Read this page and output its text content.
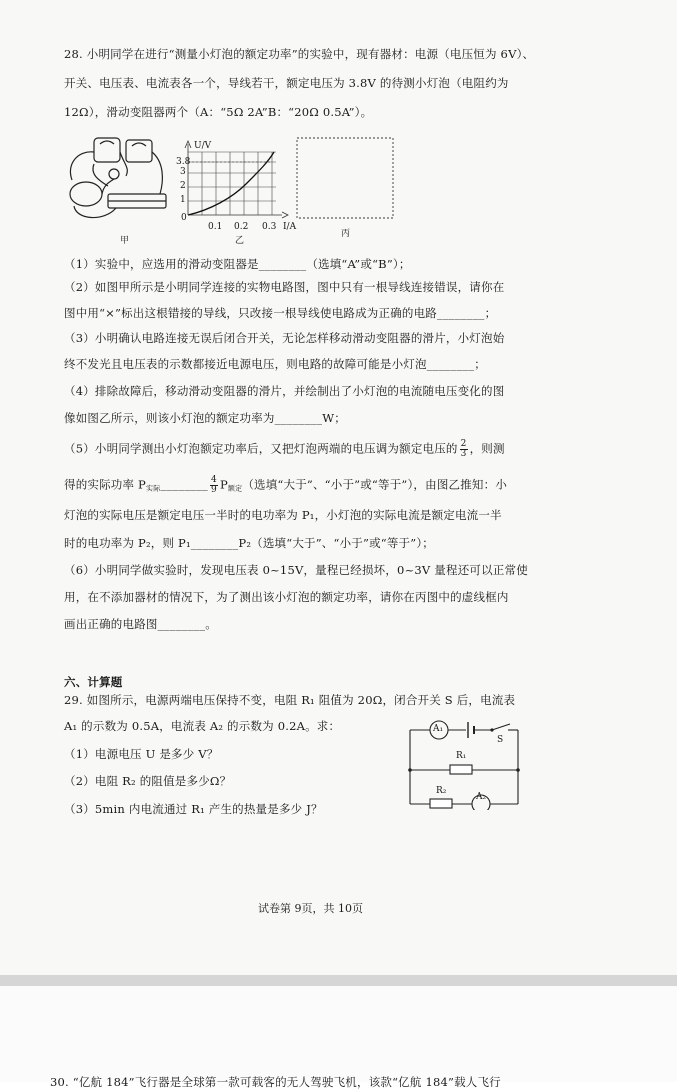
28. 小明同学在进行“测量小灯泡的额定功率”的实验中，现有器材：电源（电压恒为 6V）、
开关、电压表、电流表各一个，导线若干，额定电压为 3.8V 的待测小灯泡（电阻约为
12Ω），滑动变阻器两个（A：“5Ω 2A”B：“20Ω 0.5A”）。
甲
U/V
3.8
3
2
1
0
0.1 0.2 0.3 I/A
乙
丙
（1）实验中，应选用的滑动变阻器是________（选填“A”或“B”）；
（2）如图甲所示是小明同学连接的实物电路图，图中只有一根导线连接错误，请你在
图中用“×”标出这根错接的导线，只改接一根导线使电路成为正确的电路________；
（3）小明确认电路连接无误后闭合开关，无论怎样移动滑动变阻器的滑片，小灯泡始
终不发光且电压表的示数都接近电源电压，则电路的故障可能是小灯泡________；
（4）排除故障后，移动滑动变阻器的滑片，并绘制出了小灯泡的电流随电压变化的图
像如图乙所示，则该小灯泡的额定功率为________W；
（5）小明同学测出小灯泡额定功率后，又把灯泡两端的电压调为额定电压的 $\frac{2}{3}$ ，则测
得的实际功率 $P_{实际}\_\_\_\_\_\_\_\_ \frac{4}{9} P_{额定}$（选填“大于”、“小于”或“等于”），由图乙推知：小
灯泡的实际电压是额定电压一半时的电功率为 P₁，小灯泡的实际电流是额定电流一半
时的电功率为 P₂，则 P₁________P₂（选填“大于”、“小于”或“等于”）；
（6）小明同学做实验时，发现电压表 0~15V，量程已经损坏，0~3V 量程还可以正常使
用，在不添加器材的情况下，为了测出该小灯泡的额定功率，请你在丙图中的虚线框内
画出正确的电路图________。
六、计算题
29. 如图所示，电源两端电压保持不变，电阻 R₁ 阻值为 20Ω，闭合开关 S 后，电流表
A₁ 的示数为 0.5A，电流表 A₂ 的示数为 0.2A。求：
（1）电源电压 U 是多少 V？
（2）电阻 R₂ 的阻值是多少Ω？
（3）5min 内电流通过 R₁ 产生的热量是多少 J？
A₁
A₂
R₁
R₂
S
试卷第 9页，共 10页
30. “亿航 184”飞行器是全球第一款可载客的无人驾驶飞机，该款“亿航 184”载人飞行
